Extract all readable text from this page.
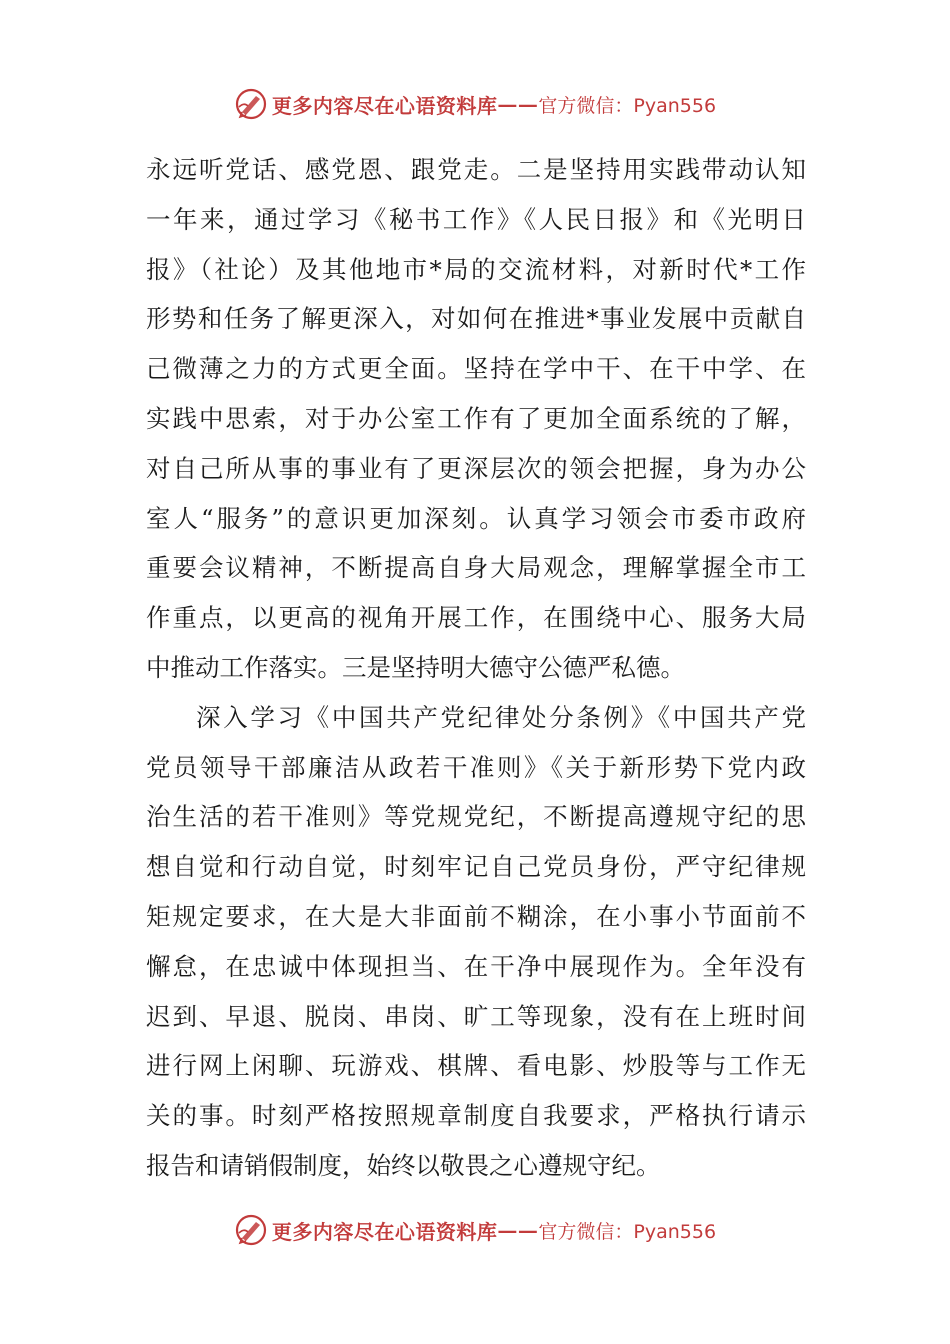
更多内容尽在心语资料库 —— 官方微信：Pyan556
永远听党话、感党恩、跟党走。二是坚持用实践带动认知
一年来，通过学习《秘书工作》《人民日报》和《光明日
报》（社论）及其他地市*局的交流材料，对新时代*工作
形势和任务了解更深入，对如何在推进*事业发展中贡献自
己微薄之力的方式更全面。坚持在学中干、在干中学、在
实践中思索，对于办公室工作有了更加全面系统的了解，
对自己所从事的事业有了更深层次的领会把握，身为办公
室人“服务”的意识更加深刻。认真学习领会市委市政府
重要会议精神，不断提高自身大局观念，理解掌握全市工
作重点，以更高的视角开展工作，在围绕中心、服务大局
中推动工作落实。三是坚持明大德守公德严私德。
深入学习《中国共产党纪律处分条例》《中国共产党
党员领导干部廉洁从政若干准则》《关于新形势下党内政
治生活的若干准则》等党规党纪，不断提高遵规守纪的思
想自觉和行动自觉，时刻牢记自己党员身份，严守纪律规
矩规定要求，在大是大非面前不糊涂，在小事小节面前不
懈怠，在忠诚中体现担当、在干净中展现作为。全年没有
迟到、早退、脱岗、串岗、旷工等现象，没有在上班时间
进行网上闲聊、玩游戏、棋牌、看电影、炒股等与工作无
关的事。时刻严格按照规章制度自我要求，严格执行请示
报告和请销假制度，始终以敬畏之心遵规守纪。
更多内容尽在心语资料库 —— 官方微信：Pyan556
